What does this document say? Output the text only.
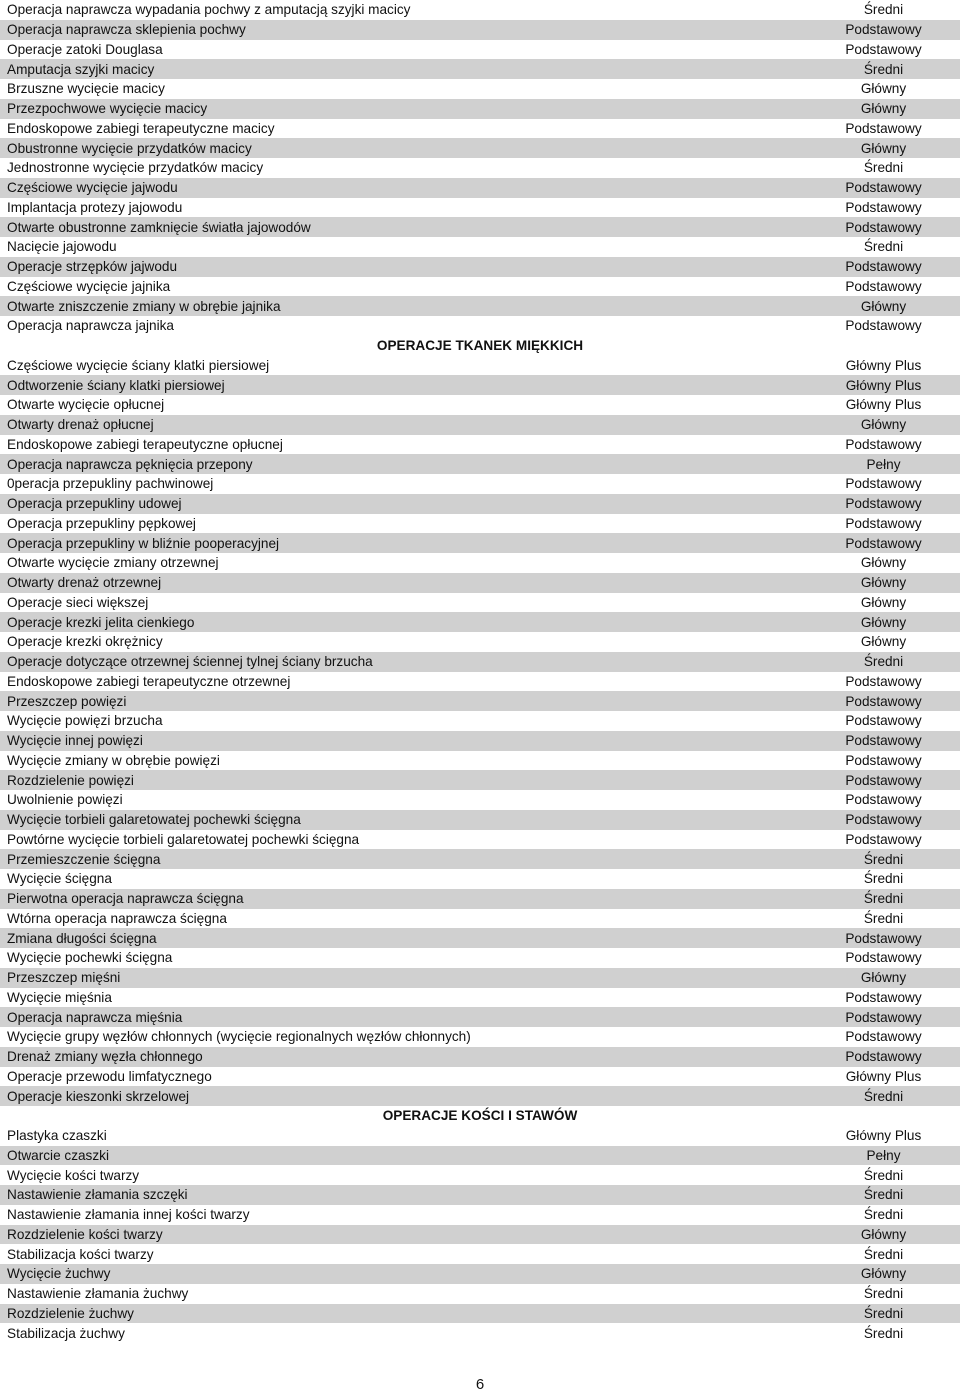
Operacja naprawcza wypadania pochwy z amputacją szyjki macicy	Średni
Operacja naprawcza sklepienia pochwy	Podstawowy
Operacje zatoki Douglasa	Podstawowy
Amputacja szyjki macicy	Średni
Brzuszne wycięcie macicy	Główny
Przezpochwowe wycięcie macicy	Główny
Endoskopowe zabiegi terapeutyczne macicy	Podstawowy
Obustronne wycięcie przydatków macicy	Główny
Jednostronne wycięcie przydatków macicy	Średni
Częściowe wycięcie jajwodu	Podstawowy
Implantacja protezy jajowodu	Podstawowy
Otwarte obustronne zamknięcie światła jajowodów	Podstawowy
Nacięcie jajowodu	Średni
Operacje strzępków jajwodu	Podstawowy
Częściowe wycięcie jajnika	Podstawowy
Otwarte zniszczenie zmiany w obrębie jajnika	Główny
Operacja naprawcza jajnika	Podstawowy
OPERACJE TKANEK MIĘKKICH
Częściowe wycięcie ściany klatki piersiowej	Główny Plus
Odtworzenie ściany klatki piersiowej	Główny Plus
Otwarte wycięcie opłucnej	Główny Plus
Otwarty drenaż opłucnej	Główny
Endoskopowe zabiegi terapeutyczne opłucnej	Podstawowy
Operacja naprawcza pęknięcia przepony	Pełny
0peracja przepukliny pachwinowej	Podstawowy
Operacja przepukliny udowej	Podstawowy
Operacja przepukliny pępkowej	Podstawowy
Operacja przepukliny w bliźnie pooperacyjnej	Podstawowy
Otwarte wycięcie zmiany otrzewnej	Główny
Otwarty drenaż otrzewnej	Główny
Operacje sieci większej	Główny
Operacje krezki jelita cienkiego	Główny
Operacje krezki okrężnicy	Główny
Operacje dotyczące otrzewnej ściennej tylnej ściany brzucha	Średni
Endoskopowe zabiegi terapeutyczne otrzewnej	Podstawowy
Przeszczep powięzi	Podstawowy
Wycięcie powięzi brzucha	Podstawowy
Wycięcie innej powięzi	Podstawowy
Wycięcie zmiany w obrębie powięzi	Podstawowy
Rozdzielenie powięzi	Podstawowy
Uwolnienie powięzi	Podstawowy
Wycięcie torbieli galaretowatej pochewki ścięgna	Podstawowy
Powtórne wycięcie torbieli galaretowatej pochewki ścięgna	Podstawowy
Przemieszczenie ścięgna	Średni
Wycięcie ścięgna	Średni
Pierwotna operacja naprawcza ścięgna	Średni
Wtórna operacja naprawcza ścięgna	Średni
Zmiana długości ścięgna	Podstawowy
Wycięcie pochewki ścięgna	Podstawowy
Przeszczep mięśni	Główny
Wycięcie mięśnia	Podstawowy
Operacja naprawcza mięśnia	Podstawowy
Wycięcie grupy węzłów chłonnych (wycięcie regionalnych węzłów chłonnych)	Podstawowy
Drenaż zmiany węzła chłonnego	Podstawowy
Operacje przewodu limfatycznego	Główny Plus
Operacje kieszonki skrzelowej	Średni
OPERACJE KOŚCI I STAWÓW
Plastyka czaszki	Główny Plus
Otwarcie czaszki	Pełny
Wycięcie kości twarzy	Średni
Nastawienie złamania szczęki	Średni
Nastawienie złamania innej kości twarzy	Średni
Rozdzielenie kości twarzy	Główny
Stabilizacja kości twarzy	Średni
Wycięcie żuchwy	Główny
Nastawienie złamania żuchwy	Średni
Rozdzielenie żuchwy	Średni
Stabilizacja żuchwy	Średni
6
